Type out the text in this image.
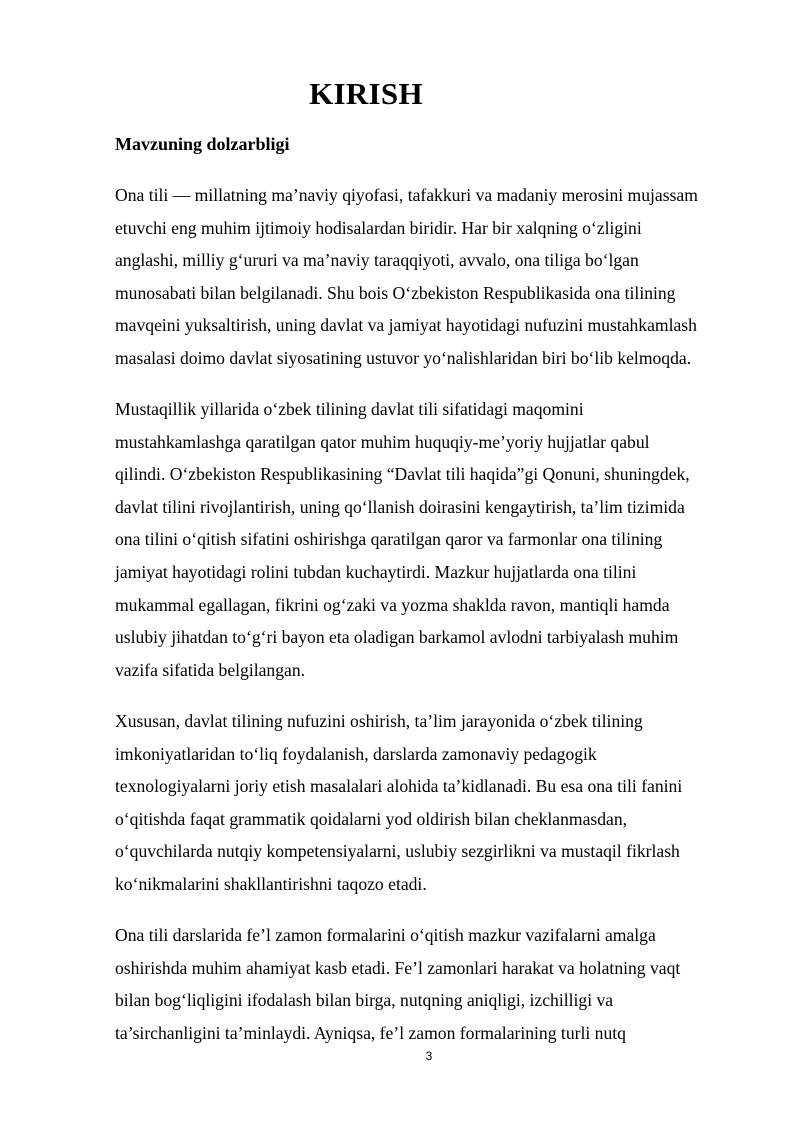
KIRISH
Mavzuning dolzarbligi

Ona tili — millatning ma’naviy qiyofasi, tafakkuri va madaniy merosini mujassam
etuvchi eng muhim ijtimoiy hodisalardan biridir. Har bir xalqning o‘zligini
anglashi, milliy g‘ururi va ma’naviy taraqqiyoti, avvalo, ona tiliga bo‘lgan
munosabati bilan belgilanadi. Shu bois O‘zbekiston Respublikasida ona tilining
mavqeini yuksaltirish, uning davlat va jamiyat hayotidagi nufuzini mustahkamlash
masalasi doimo davlat siyosatining ustuvor yo‘nalishlaridan biri bo‘lib kelmoqda.

Mustaqillik yillarida o‘zbek tilining davlat tili sifatidagi maqomini
mustahkamlashga qaratilgan qator muhim huquqiy-me’yoriy hujjatlar qabul
qilindi. O‘zbekiston Respublikasining “Davlat tili haqida”gi Qonuni, shuningdek,
davlat tilini rivojlantirish, uning qo‘llanish doirasini kengaytirish, ta’lim tizimida
ona tilini o‘qitish sifatini oshirishga qaratilgan qaror va farmonlar ona tilining
jamiyat hayotidagi rolini tubdan kuchaytirdi. Mazkur hujjatlarda ona tilini
mukammal egallagan, fikrini og‘zaki va yozma shaklda ravon, mantiqli hamda
uslubiy jihatdan to‘g‘ri bayon eta oladigan barkamol avlodni tarbiyalash muhim
vazifa sifatida belgilangan.

Xususan, davlat tilining nufuzini oshirish, ta’lim jarayonida o‘zbek tilining
imkoniyatlaridan to‘liq foydalanish, darslarda zamonaviy pedagogik
texnologiyalarni joriy etish masalalari alohida ta’kidlanadi. Bu esa ona tili fanini
o‘qitishda faqat grammatik qoidalarni yod oldirish bilan cheklanmasdan,
o‘quvchilarda nutqiy kompetensiyalarni, uslubiy sezgirlikni va mustaqil fikrlash
ko‘nikmalarini shakllantirishni taqozo etadi.

Ona tili darslarida fe’l zamon formalarini o‘qitish mazkur vazifalarni amalga
oshirishda muhim ahamiyat kasb etadi. Fe’l zamonlari harakat va holatning vaqt
bilan bog‘liqligini ifodalash bilan birga, nutqning aniqligi, izchilligi va
ta’sirchanligini ta’minlaydi. Ayniqsa, fe’l zamon formalarining turli nutq

3
